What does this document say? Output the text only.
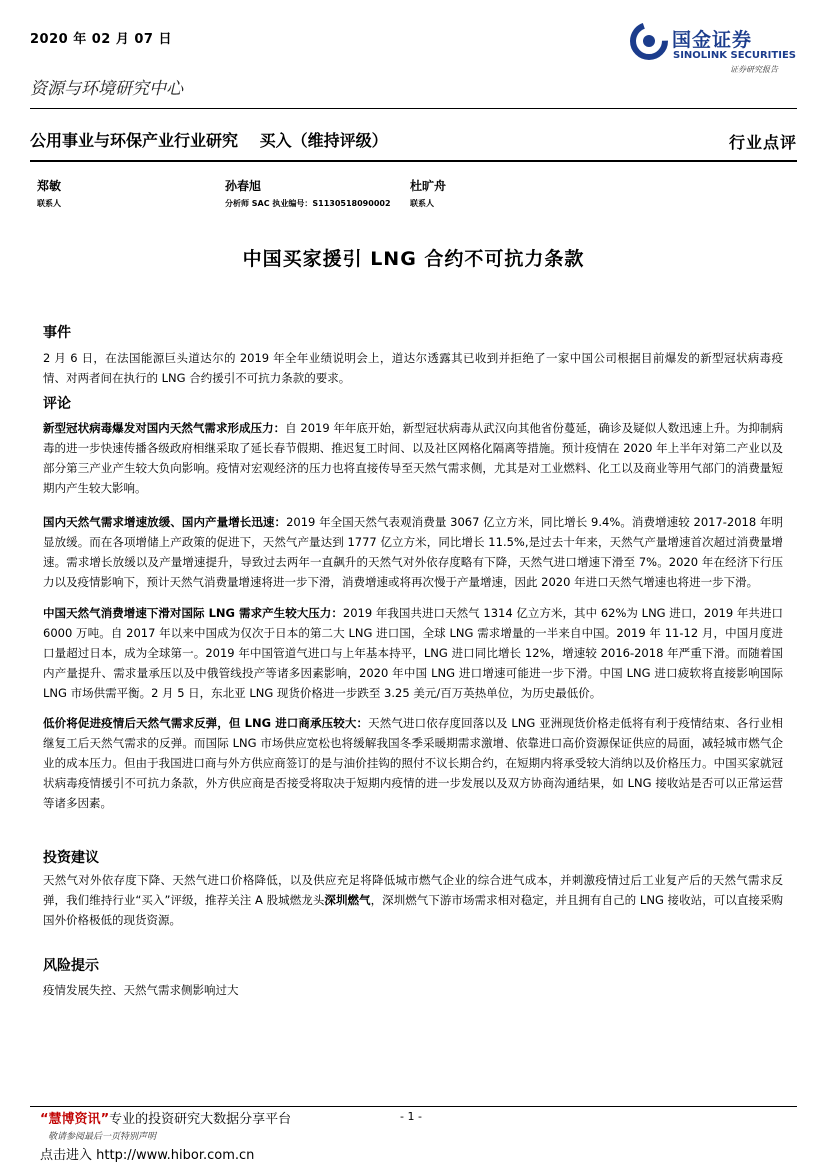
2020 年 02 月 07 日	国金证券
SINOLINK SECURITIES
证券研究报告
资源与环境研究中心
公用事业与环保产业行业研究　 买入（维持评级）	行业点评
郑敏
联系人
孙春旭
分析师 SAC 执业编号：S1130518090002
杜旷舟
联系人
中国买家援引 LNG 合约不可抗力条款
事件
2 月 6 日，在法国能源巨头道达尔的 2019 年全年业绩说明会上，道达尔透露其已收到并拒绝了一家中国公司根据目前爆发的新型冠状病毒疫情、对两者间在执行的 LNG 合约援引不可抗力条款的要求。
评论
新型冠状病毒爆发对国内天然气需求形成压力：自 2019 年年底开始，新型冠状病毒从武汉向其他省份蔓延，确诊及疑似人数迅速上升。为抑制病毒的进一步快速传播各级政府相继采取了延长春节假期、推迟复工时间、以及社区网格化隔离等措施。预计疫情在 2020 年上半年对第二产业以及部分第三产业产生较大负向影响。疫情对宏观经济的压力也将直接传导至天然气需求侧，尤其是对工业燃料、化工以及商业等用气部门的消费量短期内产生较大影响。
国内天然气需求增速放缓、国内产量增长迅速：2019 年全国天然气表观消费量 3067 亿立方米，同比增长 9.4%。消费增速较 2017-2018 年明显放缓。而在各项增储上产政策的促进下，天然气产量达到 1777 亿立方米，同比增长 11.5%,是过去十年来，天然气产量增速首次超过消费量增速。需求增长放缓以及产量增速提升，导致过去两年一直飙升的天然气对外依存度略有下降，天然气进口增速下滑至 7%。2020 年在经济下行压力以及疫情影响下，预计天然气消费量增速将进一步下滑，消费增速或将再次慢于产量增速，因此 2020 年进口天然气增速也将进一步下滑。
中国天然气消费增速下滑对国际 LNG 需求产生较大压力：2019 年我国共进口天然气 1314 亿立方米，其中 62%为 LNG 进口，2019 年共进口 6000 万吨。自 2017 年以来中国成为仅次于日本的第二大 LNG 进口国，全球 LNG 需求增量的一半来自中国。2019 年 11-12 月，中国月度进口量超过日本，成为全球第一。2019 年中国管道气进口与上年基本持平，LNG 进口同比增长 12%，增速较 2016-2018 年严重下滑。而随着国内产量提升、需求量承压以及中俄管线投产等诸多因素影响，2020 年中国 LNG 进口增速可能进一步下滑。中国 LNG 进口疲软将直接影响国际 LNG 市场供需平衡。2 月 5 日，东北亚 LNG 现货价格进一步跌至 3.25 美元/百万英热单位，为历史最低价。
低价将促进疫情后天然气需求反弹，但 LNG 进口商承压较大：天然气进口依存度回落以及 LNG 亚洲现货价格走低将有利于疫情结束、各行业相继复工后天然气需求的反弹。而国际 LNG 市场供应宽松也将缓解我国冬季采暖期需求激增、依靠进口高价资源保证供应的局面，减轻城市燃气企业的成本压力。但由于我国进口商与外方供应商签订的是与油价挂钩的照付不议长期合约，在短期内将承受较大消纳以及价格压力。中国买家就冠状病毒疫情援引不可抗力条款，外方供应商是否接受将取决于短期内疫情的进一步发展以及双方协商沟通结果，如 LNG 接收站是否可以正常运营等诸多因素。
投资建议
天然气对外依存度下降、天然气进口价格降低，以及供应充足将降低城市燃气企业的综合进气成本，并刺激疫情过后工业复产后的天然气需求反弹，我们维持行业“买入”评级，推荐关注 A 股城燃龙头深圳燃气，深圳燃气下游市场需求相对稳定，并且拥有自己的 LNG 接收站，可以直接采购国外价格极低的现货资源。
风险提示
疫情发展失控、天然气需求侧影响过大
“慧博资讯”专业的投资研究大数据分享平台	- 1 -
敬请参阅最后一页特别声明
点击进入 http://www.hibor.com.cn
